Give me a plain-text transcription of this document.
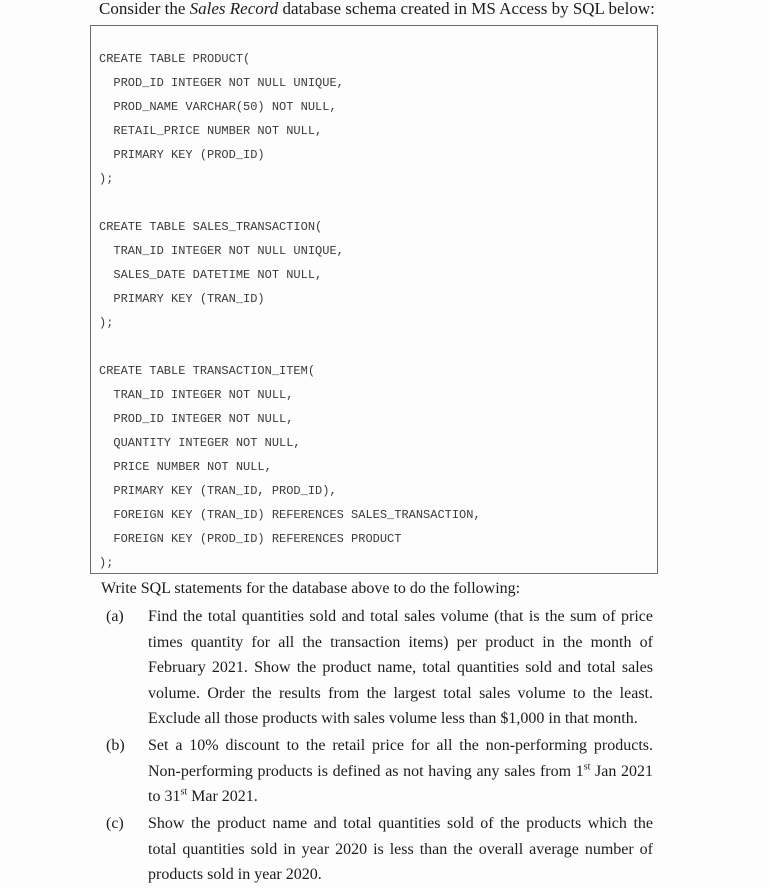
Consider the Sales Record database schema created in MS Access by SQL below:
CREATE TABLE PRODUCT(
PROD_ID INTEGER NOT NULL UNIQUE,
PROD_NAME VARCHAR(50) NOT NULL,
RETAIL_PRICE NUMBER NOT NULL,
PRIMARY KEY (PROD_ID)
);
CREATE TABLE SALES_TRANSACTION(
TRAN_ID INTEGER NOT NULL UNIQUE,
SALES_DATE DATETIME NOT NULL,
PRIMARY KEY (TRAN_ID)
);
CREATE TABLE TRANSACTION_ITEM(
TRAN_ID INTEGER NOT NULL,
PROD_ID INTEGER NOT NULL,
QUANTITY INTEGER NOT NULL,
PRICE NUMBER NOT NULL,
PRIMARY KEY (TRAN_ID, PROD_ID),
FOREIGN KEY (TRAN_ID) REFERENCES SALES_TRANSACTION,
FOREIGN KEY (PROD_ID) REFERENCES PRODUCT
);
Write SQL statements for the database above to do the following:
(a) Find the total quantities sold and total sales volume (that is the sum of price times quantity for all the transaction items) per product in the month of February 2021. Show the product name, total quantities sold and total sales volume. Order the results from the largest total sales volume to the least. Exclude all those products with sales volume less than $1,000 in that month.
(b) Set a 10% discount to the retail price for all the non-performing products. Non-performing products is defined as not having any sales from 1st Jan 2021 to 31st Mar 2021.
(c) Show the product name and total quantities sold of the products which the total quantities sold in year 2020 is less than the overall average number of products sold in year 2020.
